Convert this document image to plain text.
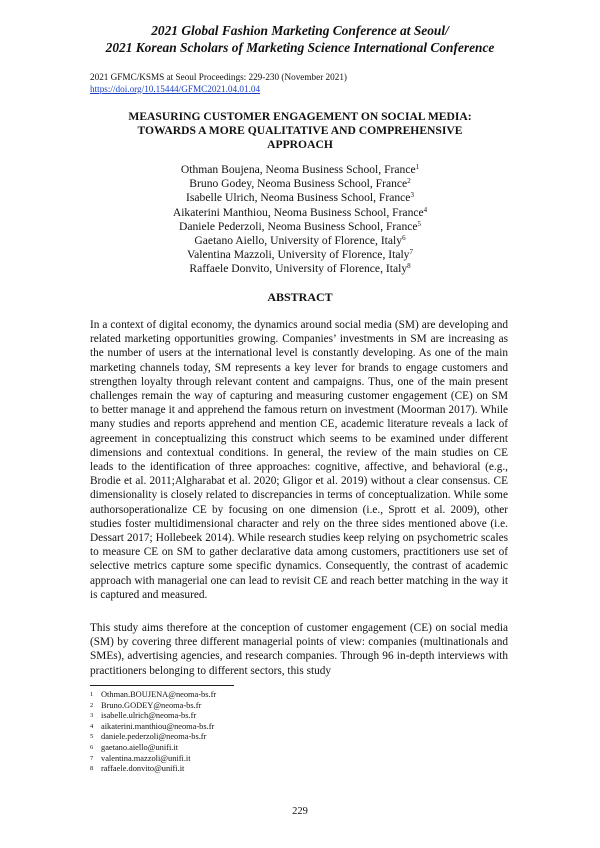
2021 Global Fashion Marketing Conference at Seoul/
2021 Korean Scholars of Marketing Science International Conference
2021 GFMC/KSMS at Seoul Proceedings: 229-230 (November 2021)
https://doi.org/10.15444/GFMC2021.04.01.04
MEASURING CUSTOMER ENGAGEMENT ON SOCIAL MEDIA:
TOWARDS A MORE QUALITATIVE AND COMPREHENSIVE
APPROACH
Othman Boujena, Neoma Business School, France$^1$
Bruno Godey, Neoma Business School, France$^2$
Isabelle Ulrich, Neoma Business School, France$^3$
Aikaterini Manthiou, Neoma Business School, France$^4$
Daniele Pederzoli, Neoma Business School, France$^5$
Gaetano Aiello, University of Florence, Italy$^6$
Valentina Mazzoli, University of Florence, Italy$^7$
Raffaele Donvito, University of Florence, Italy$^8$
ABSTRACT

In a context of digital economy, the dynamics around social media (SM) are developing and related marketing opportunities growing. Companies’ investments in SM are increasing as the number of users at the international level is constantly developing. As one of the main marketing channels today, SM represents a key lever for brands to engage customers and strengthen loyalty through relevant content and campaigns. Thus, one of the main present challenges remain the way of capturing and measuring customer engagement (CE) on SM to better manage it and apprehend the famous return on investment (Moorman 2017). While many studies and reports apprehend and mention CE, academic literature reveals a lack of agreement in conceptualizing this construct which seems to be examined under different dimensions and contextual conditions. In general, the review of the main studies on CE leads to the identification of three approaches: cognitive, affective, and behavioral (e.g., Brodie et al. 2011;Algharabat et al. 2020; Gligor et al. 2019) without a clear consensus. CE dimensionality is closely related to discrepancies in terms of conceptualization. While some authorsoperationalize CE by focusing on one dimension (i.e., Sprott et al. 2009), other studies foster multidimensional character and rely on the three sides mentioned above (i.e. Dessart 2017; Hollebeek 2014). While research studies keep relying on psychometric scales to measure CE on SM to gather declarative data among customers, practitioners use set of selective metrics capture some specific dynamics. Consequently, the contrast of academic approach with managerial one can lead to revisit CE and reach better matching in the way it is captured and measured.

This study aims therefore at the conception of customer engagement (CE) on social media (SM) by covering three different managerial points of view: companies (multinationals and SMEs), advertising agencies, and research companies. Through 96 in-depth interviews with practitioners belonging to different sectors, this study

1 Othman.BOUJENA@neoma-bs.fr
2 Bruno.GODEY@neoma-bs.fr
3 isabelle.ulrich@neoma-bs.fr
4 aikaterini.manthiou@neoma-bs.fr
5 daniele.pederzoli@neoma-bs.fr
6 gaetano.aiello@unifi.it
7 valentina.mazzoli@unifi.it
8 raffaele.donvito@unifi.it
229
